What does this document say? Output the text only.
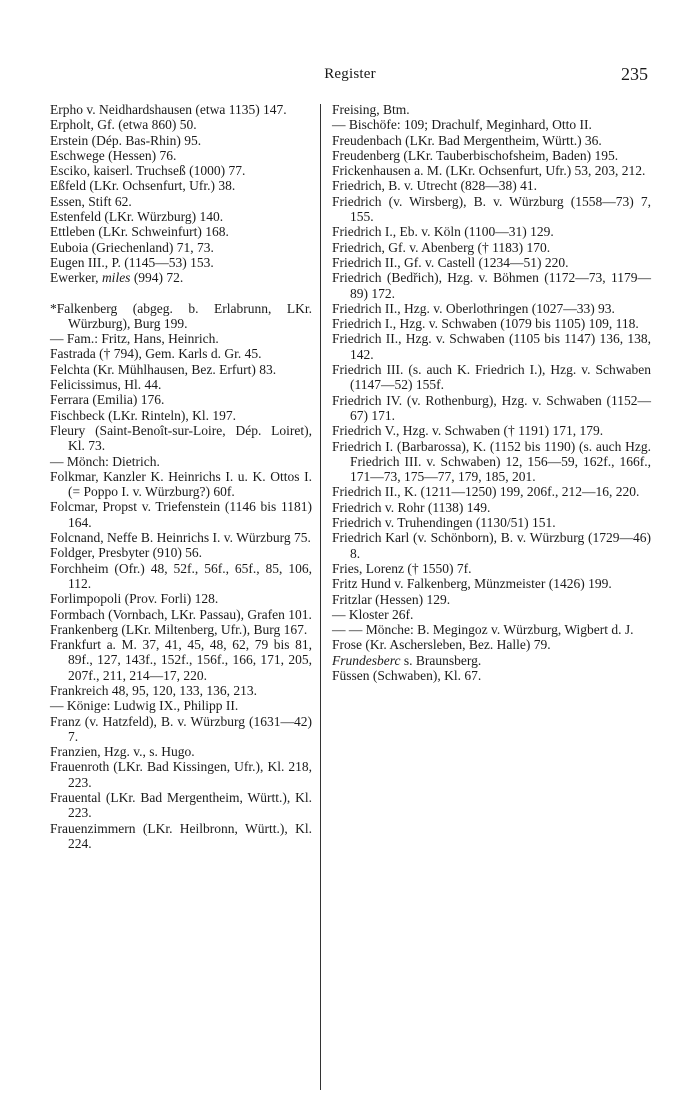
Register	235

Erpho v. Neidhardshausen (etwa 1135) 147.

Erpholt, Gf. (etwa 860) 50.

Erstein (Dép. Bas-Rhin) 95.

Eschwege (Hessen) 76.

Esciko, kaiserl. Truchseß (1000) 77.

Eßfeld (LKr. Ochsenfurt, Ufr.) 38.

Essen, Stift 62.

Estenfeld (LKr. Würzburg) 140.

Ettleben (LKr. Schweinfurt) 168.

Euboia (Griechenland) 71, 73.

Eugen III., P. (1145—53) 153.

Ewerker, miles (994) 72.

*Falkenberg (abgeg. b. Erlabrunn, LKr. Würzburg), Burg 199.

— Fam.: Fritz, Hans, Heinrich.

Fastrada († 794), Gem. Karls d. Gr. 45.

Felchta (Kr. Mühlhausen, Bez. Erfurt) 83.

Felicissimus, Hl. 44.

Ferrara (Emilia) 176.

Fischbeck (LKr. Rinteln), Kl. 197.

Fleury (Saint-Benoît-sur-Loire, Dép. Loiret), Kl. 73.

— Mönch: Dietrich.

Folkmar, Kanzler K. Heinrichs I. u. K. Ottos I. (= Poppo I. v. Würzburg?) 60f.

Folcmar, Propst v. Triefenstein (1146 bis 1181) 164.

Folcnand, Neffe B. Heinrichs I. v. Würzburg 75.

Foldger, Presbyter (910) 56.

Forchheim (Ofr.) 48, 52f., 56f., 65f., 85, 106, 112.

Forlimpopoli (Prov. Forli) 128.

Formbach (Vornbach, LKr. Passau), Grafen 101.

Frankenberg (LKr. Miltenberg, Ufr.), Burg 167.

Frankfurt a. M. 37, 41, 45, 48, 62, 79 bis 81, 89f., 127, 143f., 152f., 156f., 166, 171, 205, 207f., 211, 214—17, 220.

Frankreich 48, 95, 120, 133, 136, 213.

— Könige: Ludwig IX., Philipp II.

Franz (v. Hatzfeld), B. v. Würzburg (1631—42) 7.

Franzien, Hzg. v., s. Hugo.

Frauenroth (LKr. Bad Kissingen, Ufr.), Kl. 218, 223.

Frauental (LKr. Bad Mergentheim, Württ.), Kl. 223.

Frauenzimmern (LKr. Heilbronn, Württ.), Kl. 224.

Freising, Btm.

— Bischöfe: 109; Drachulf, Meginhard, Otto II.

Freudenbach (LKr. Bad Mergentheim, Württ.) 36.

Freudenberg (LKr. Tauberbischofsheim, Baden) 195.

Frickenhausen a. M. (LKr. Ochsenfurt, Ufr.) 53, 203, 212.

Friedrich, B. v. Utrecht (828—38) 41.

Friedrich (v. Wirsberg), B. v. Würzburg (1558—73) 7, 155.

Friedrich I., Eb. v. Köln (1100—31) 129.

Friedrich, Gf. v. Abenberg († 1183) 170.

Friedrich II., Gf. v. Castell (1234—51) 220.

Friedrich (Bedřich), Hzg. v. Böhmen (1172—73, 1179—89) 172.

Friedrich II., Hzg. v. Oberlothringen (1027—33) 93.

Friedrich I., Hzg. v. Schwaben (1079 bis 1105) 109, 118.

Friedrich II., Hzg. v. Schwaben (1105 bis 1147) 136, 138, 142.

Friedrich III. (s. auch K. Friedrich I.), Hzg. v. Schwaben (1147—52) 155f.

Friedrich IV. (v. Rothenburg), Hzg. v. Schwaben (1152—67) 171.

Friedrich V., Hzg. v. Schwaben († 1191) 171, 179.

Friedrich I. (Barbarossa), K. (1152 bis 1190) (s. auch Hzg. Friedrich III. v. Schwaben) 12, 156—59, 162f., 166f., 171—73, 175—77, 179, 185, 201.

Friedrich II., K. (1211—1250) 199, 206f., 212—16, 220.

Friedrich v. Rohr (1138) 149.

Friedrich v. Truhendingen (1130/51) 151.

Friedrich Karl (v. Schönborn), B. v. Würzburg (1729—46) 8.

Fries, Lorenz († 1550) 7f.

Fritz Hund v. Falkenberg, Münzmeister (1426) 199.

Fritzlar (Hessen) 129.

— Kloster 26f.

— — Mönche: B. Megingoz v. Würzburg, Wigbert d. J.

Frose (Kr. Aschersleben, Bez. Halle) 79.

Frundesberc s. Braunsberg.

Füssen (Schwaben), Kl. 67.
